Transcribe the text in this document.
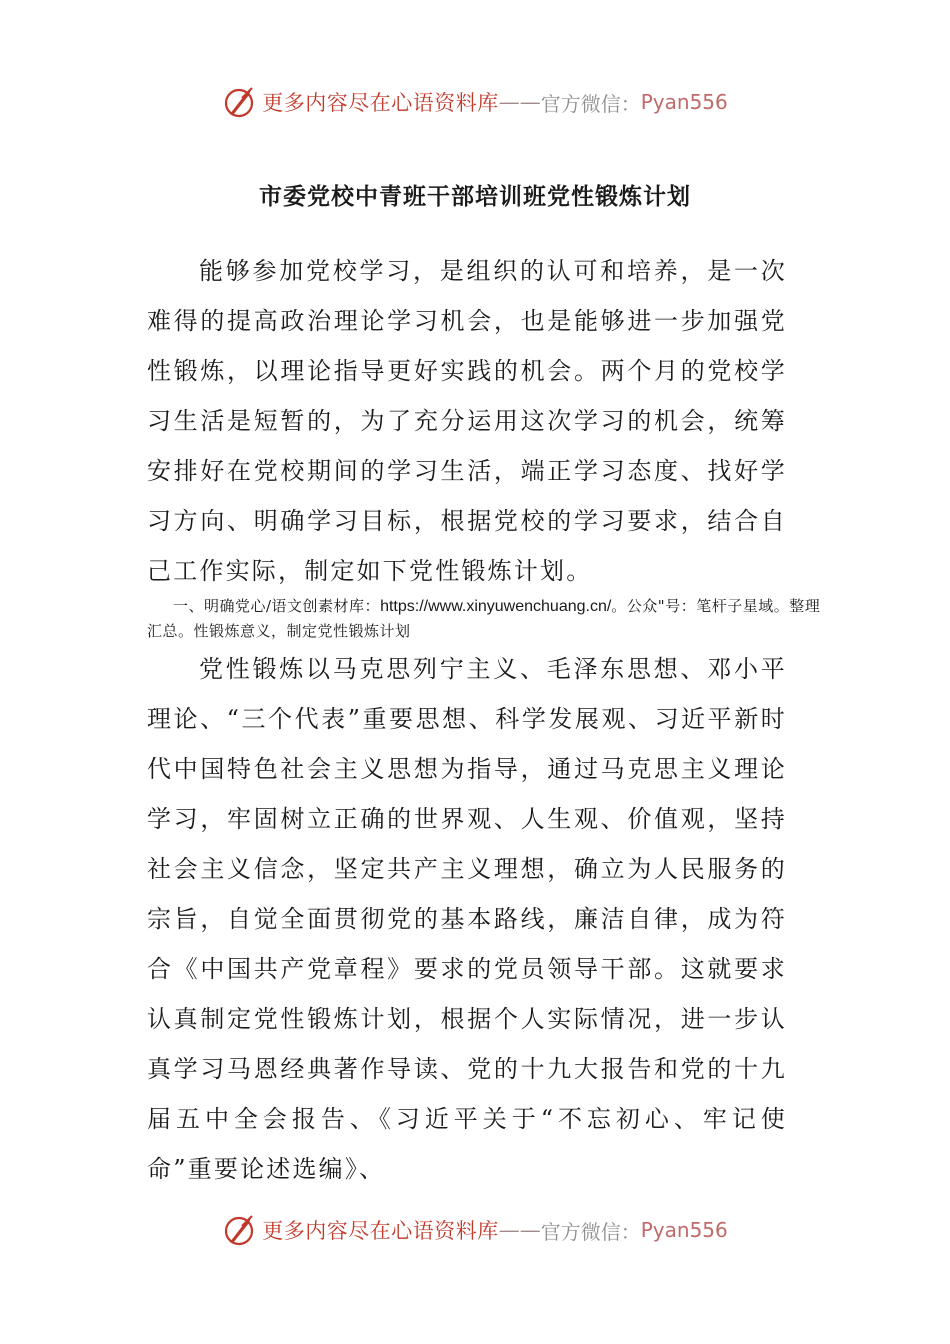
更多内容尽在心语资料库 —— 官方微信： Pyan556
市委党校中青班干部培训班党性锻炼计划
能够参加党校学习，是组织的认可和培养，是一次难得的提高政治理论学习机会，也是能够进一步加强党性锻炼，以理论指导更好实践的机会。两个月的党校学习生活是短暂的，为了充分运用这次学习的机会，统筹安排好在党校期间的学习生活，端正学习态度、找好学习方向、明确学习目标，根据党校的学习要求，结合自己工作实际，制定如下党性锻炼计划。
一、明确党心/语文创素材库：https://www.xinyuwenchuang.cn/。公众"号：笔杆子星域。整理汇总。性锻炼意义，制定党性锻炼计划
党性锻炼以马克思列宁主义、毛泽东思想、邓小平理论、“三个代表”重要思想、科学发展观、习近平新时代中国特色社会主义思想为指导，通过马克思主义理论学习，牢固树立正确的世界观、人生观、价值观，坚持社会主义信念，坚定共产主义理想，确立为人民服务的宗旨，自觉全面贯彻党的基本路线，廉洁自律，成为符合《中国共产党章程》要求的党员领导干部。这就要求认真制定党性锻炼计划，根据个人实际情况，进一步认真学习马恩经典著作导读、党的十九大报告和党的十九届五中全会报告、《习近平关于“不忘初心、牢记使命”重要论述选编》、
更多内容尽在心语资料库 —— 官方微信： Pyan556
